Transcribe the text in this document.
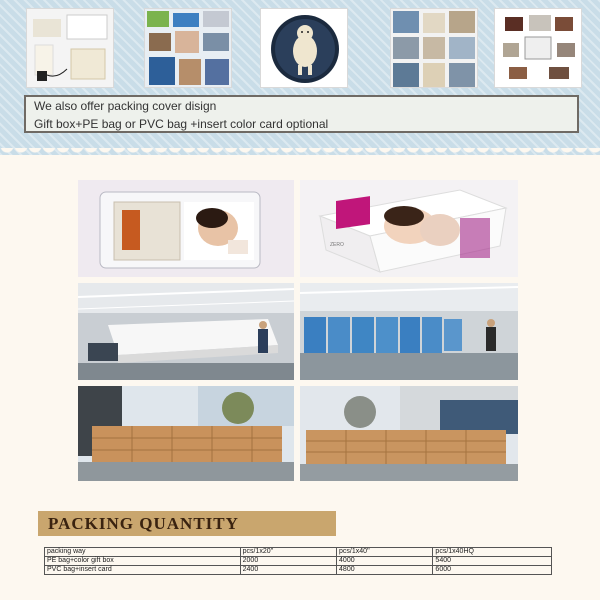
We also offer packing cover disign
Gift box+PE bag or PVC bag +insert color card optional
ZERO
PACKING QUANTITY
packing way	pcs/1x20''	pcs/1x40''	pcs/1x40HQ
PE bag+color gift box	2000	4000	5400
PVC bag+insert card	2400	4800	6000
